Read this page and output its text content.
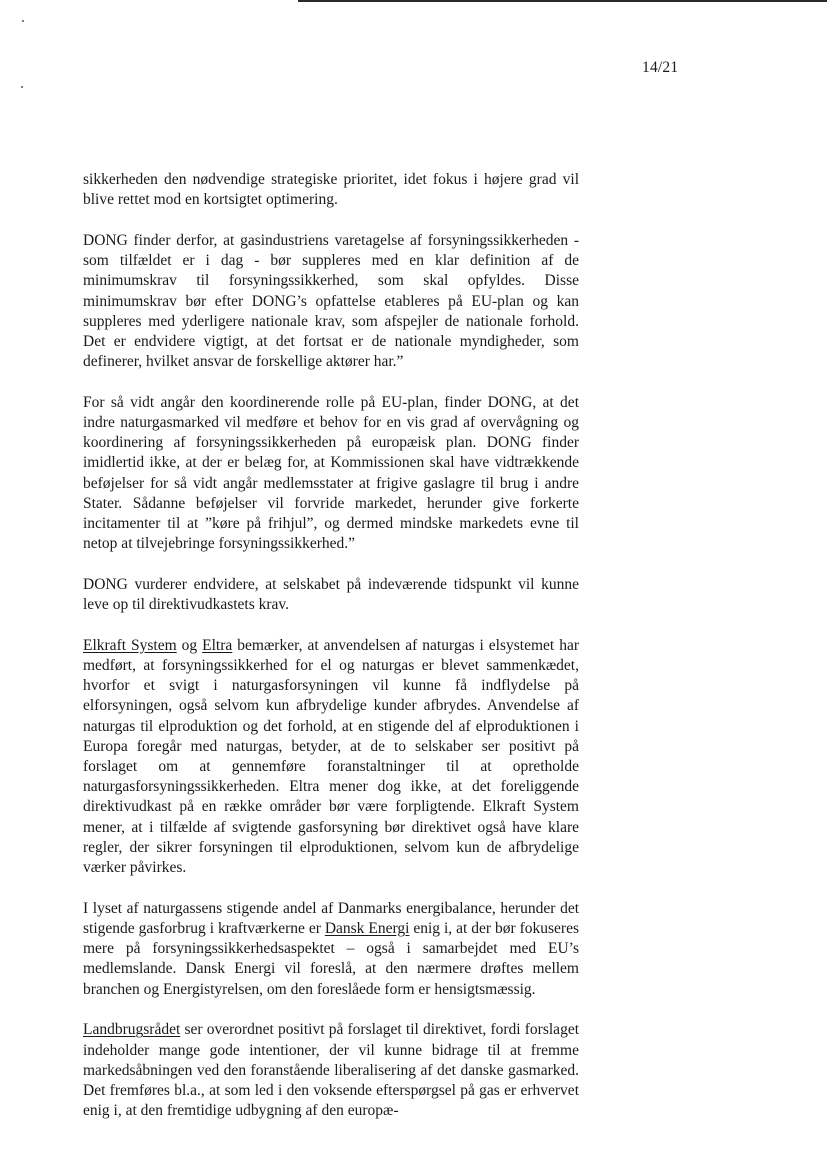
14/21

sikkerheden den nødvendige strategiske prioritet, idet fokus i højere grad vil blive rettet mod en kortsigtet optimering.

DONG finder derfor, at gasindustriens varetagelse af forsyningssikkerheden - som tilfældet er i dag - bør suppleres med en klar definition af de minimumskrav til forsyningssikkerhed, som skal opfyldes. Disse minimumskrav bør efter DONG’s opfattelse etableres på EU-plan og kan suppleres med yderligere nationale krav, som afspejler de nationale forhold. Det er endvidere vigtigt, at det fortsat er de nationale myndigheder, som definerer, hvilket ansvar de forskellige aktører har.”

For så vidt angår den koordinerende rolle på EU-plan, finder DONG, at det indre naturgasmarked vil medføre et behov for en vis grad af overvågning og koordinering af forsyningssikkerheden på europæisk plan. DONG finder imidlertid ikke, at der er belæg for, at Kommissionen skal have vidtrækkende beføjelser for så vidt angår medlemsstater at frigive gaslagre til brug i andre Stater. Sådanne beføjelser vil forvride markedet, herunder give forkerte incitamenter til at ”køre på frihjul”, og dermed mindske markedets evne til netop at tilvejebringe forsyningssikkerhed.”

DONG vurderer endvidere, at selskabet på indeværende tidspunkt vil kunne leve op til direktivudkastets krav.

Elkraft System og Eltra bemærker, at anvendelsen af naturgas i elsystemet har medført, at forsyningssikkerhed for el og naturgas er blevet sammenkædet, hvorfor et svigt i naturgasforsyningen vil kunne få indflydelse på elforsyningen, også selvom kun afbrydelige kunder afbrydes. Anvendelse af naturgas til elproduktion og det forhold, at en stigende del af elproduktionen i Europa foregår med naturgas, betyder, at de to selskaber ser positivt på forslaget om at gennemføre foranstaltninger til at opretholde naturgasforsyningssikkerheden. Eltra mener dog ikke, at det foreliggende direktivudkast på en række områder bør være forpligtende. Elkraft System mener, at i tilfælde af svigtende gasforsyning bør direktivet også have klare regler, der sikrer forsyningen til elproduktionen, selvom kun de afbrydelige værker påvirkes.

I lyset af naturgassens stigende andel af Danmarks energibalance, herunder det stigende gasforbrug i kraftværkerne er Dansk Energi enig i, at der bør fokuseres mere på forsyningssikkerhedsaspektet – også i samarbejdet med EU’s medlemslande. Dansk Energi vil foreslå, at den nærmere drøftes mellem branchen og Energistyrelsen, om den foreslåede form er hensigtsmæssig.

Landbrugsrådet ser overordnet positivt på forslaget til direktivet, fordi forslaget indeholder mange gode intentioner, der vil kunne bidrage til at fremme markedsåbningen ved den foranstående liberalisering af det danske gasmarked. Det fremføres bl.a., at som led i den voksende efterspørgsel på gas er erhvervet enig i, at den fremtidige udbygning af den europæ-
